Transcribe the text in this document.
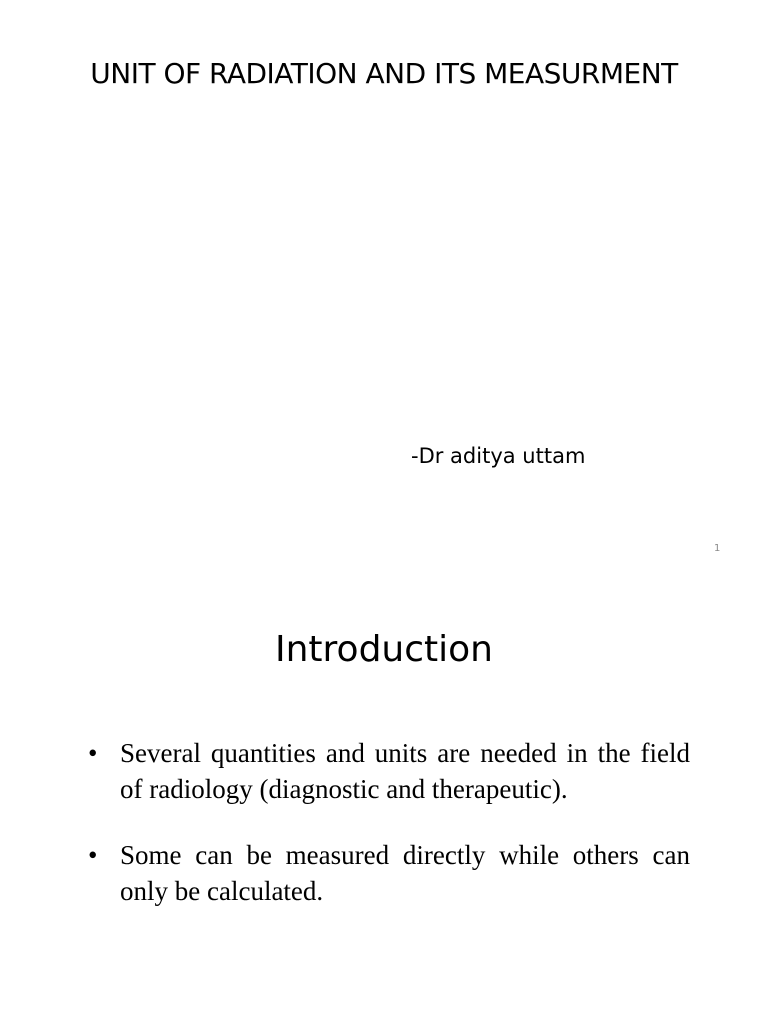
UNIT OF RADIATION AND ITS MEASURMENT
-Dr aditya uttam
1
Introduction
• Several quantities and units are needed in the field of radiology (diagnostic and therapeutic).
• Some can be measured directly while others can only be calculated.
